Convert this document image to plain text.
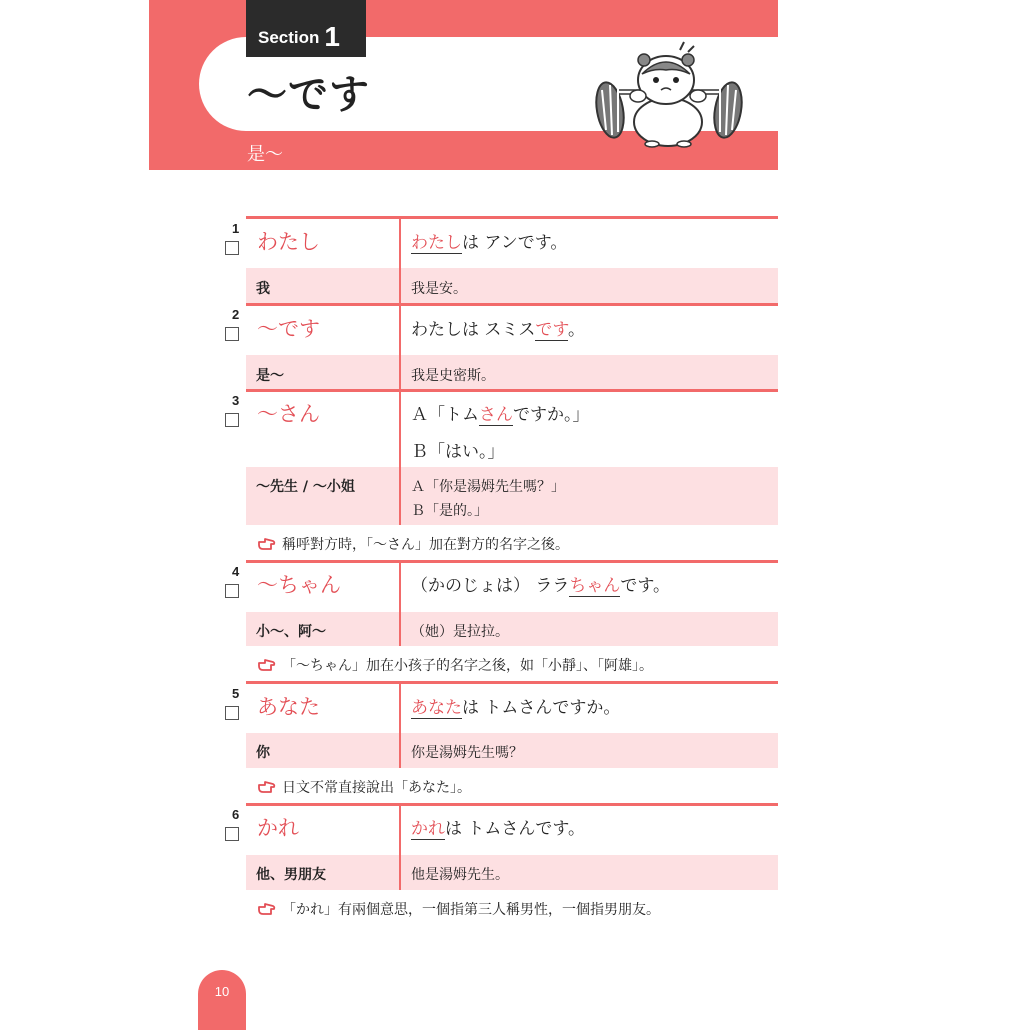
Section 1
～です
是～
1
わたし	わたしは アンです。
我	我是安。
2
～です	わたしは スミスです。
是～	我是史密斯。
3
～さん	Ａ「トムさんですか。」
Ｂ「はい。」
～先生 / ～小姐	Ａ「你是湯姆先生嗎？」
Ｂ「是的。」
稱呼對方時，「～さん」加在對方的名字之後。
4
～ちゃん	（かのじょは） ララちゃんです。
小～、阿～	（她）是拉拉。
「～ちゃん」加在小孩子的名字之後，如「小靜」、「阿雄」。
5
あなた	あなたは トムさんですか。
你	你是湯姆先生嗎？
日文不常直接說出「あなた」。
6
かれ	かれは トムさんです。
他、男朋友	他是湯姆先生。
「かれ」有兩個意思，一個指第三人稱男性，一個指男朋友。
10
